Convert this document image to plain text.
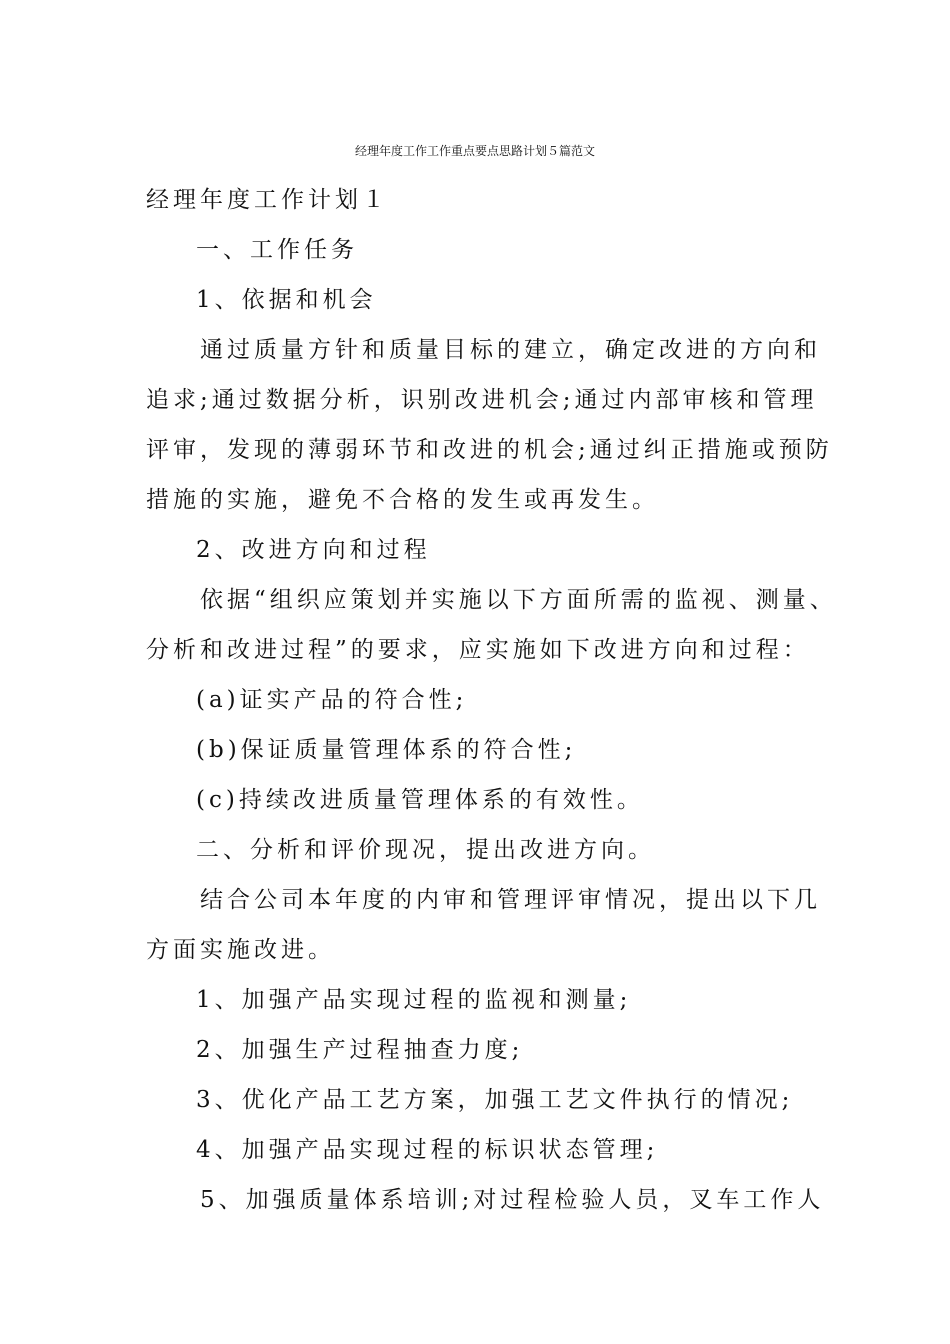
经理年度工作工作重点要点思路计划５篇范文
经理年度工作计划１
一、工作任务
1、依据和机会
通过质量方针和质量目标的建立，确定改进的方向和
追求;通过数据分析，识别改进机会;通过内部审核和管理
评审，发现的薄弱环节和改进的机会;通过纠正措施或预防
措施的实施，避免不合格的发生或再发生。
2、改进方向和过程
依据“组织应策划并实施以下方面所需的监视、测量、
分析和改进过程”的要求，应实施如下改进方向和过程：
(a)证实产品的符合性;
(b)保证质量管理体系的符合性;
(c)持续改进质量管理体系的有效性。
二、分析和评价现况，提出改进方向。
结合公司本年度的内审和管理评审情况，提出以下几
方面实施改进。
1、加强产品实现过程的监视和测量;
2、加强生产过程抽查力度;
3、优化产品工艺方案，加强工艺文件执行的情况;
4、加强产品实现过程的标识状态管理;
5、加强质量体系培训;对过程检验人员，叉车工作人
